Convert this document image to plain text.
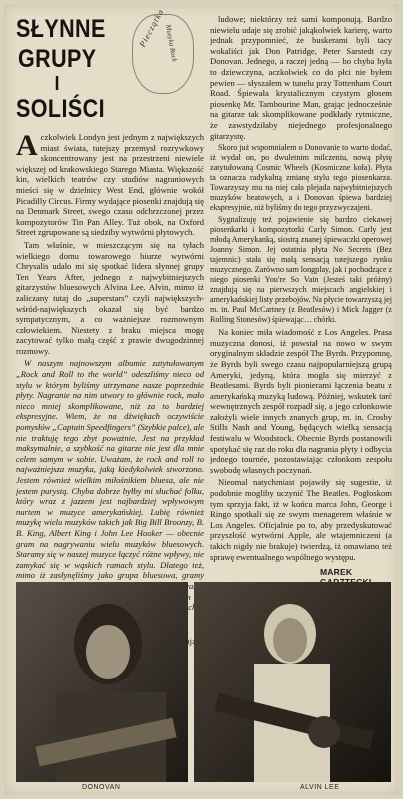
SŁYNNE
GRUPY

I
SOLIŚCI
Pieczątka
Muzyka Rock

Aczkolwiek Londyn jest jednym z największych miast świata, tutejszy przemysł rozrywkowy skoncentrowany jest na przestrzeni niewiele większej od krakowskiego Starego Miasta. Większość kin, wielkich teatrów czy studiów nagraniowych mieści się w dzielnicy West End, głównie wokół Picadilly Circus. Firmy wydające piosenki znajdują się na Denmark Street, swego czasu odchrzczonej przez kompozytorów Tin Pan Alley. Tuż obok, na Oxford Street zgrupowane są siedziby wytwórni płytowych.

Tam właśnie, w mieszczącym się na tyłach wielkiego domu towarowego biurze wytwórni Chrysalis udało mi się spotkać lidera słynnej grupy Ten Years After, jednego z najwybitniejszych gitarzystów bluesowych Alvina Lee. Alvin, mimo iż zaliczany tutaj do „superstars” czyli największych-wśród-największych okazał się być bardzo sympatycznym, a co ważniejsze rozmownym człowiekiem. Niestety z braku miejsca mogę zacytować tylko małą część z prawie dwugodzinnej rozmowy.

W naszym najnowszym albumie zatytułowanym „Rock and Roll to the world” odeszliśmy nieco od stylu w którym byliśmy utrzymane nasze poprzednie płyty. Nagranie na nim utwory to głównie rock, mało nieco mniej skomplikowane, niż za to bardziej ekspresyjne. Wiem, że na dźwiękach oczywiście pomysłów „Captain Speedfingers” (Szybkie palce), ale nie traktuję tego zbyt poważnie. Jest na przykład maksymalnie, a szybkość na gitarze nie jest dla mnie celem samym w sobie. Uważam, że rock and roll to najważniejsza muzyka, jaką kiedykolwiek stworzono. Jestem również wielkim miłośnikiem bluesa, ale nie jestem purystą. Chyba dobrze byłby mi słuchać folku, który wraz z jazzem jest najbardziej wpływowym nurtem w muzyce amerykańskiej. Lubię również muzykę wielu muzyków takich jak Big Bill Broonzy, B. B. King, Albert King i John Lee Hooker — obecnie gram na nagrywaniu wielu muzyków bluesowych. Staramy się w naszej muzyce łączyć różne wpływy, nie zamykać się w wąskich ramach stylu. Dlatego też, mimo iż zasłynęliśmy jako grupa bluesowa, gramy zechce

ludowe; niektórzy też sami komponują. Bardzo niewielu udaje się zrobić jakąkolwiek karierę, warto jednak przypomnieć, że buskerami byli tacy wokaliści jak Don Patridge, Peter Sarstedt czy Donovan. Jednego, a raczej jedną — bo chyba była to dziewczyna, aczkolwiek co do płci nie byłem pewien — słyszałem w tunelu przy Tottenham Court Road. Śpiewała krystalicznym czystym głosem piosenkę Mr. Tambourine Man, grając jednocześnie na gitarze tak skomplikowane podkłady rytmiczne, że zawstydziłaby niejednego profesjonalnego gitarzystę.

Skoro już wspomniałem o Donovanie to warto dodać, iż wydał on, po dwuletnim milczeniu, nową płytę zatytułowaną Cosmic Wheels (Kosmiczne koła). Płyta ta oznacza radykalną zmianę stylu tego piosenkarza. Towarzyszy mu na niej cała plejada najwybitniejszych muzyków beatowych, a i Donovan śpiewa bardziej ekspresyjnie, niż byliśmy do tego przyzwyczajeni.

Sygnalizuję też pojawienie się bardzo ciekawej piosenkarki i kompozytorki Carly Simon. Carly jest młodą Amerykanką, siostrą znanej śpiewaczki operowej Joanny Simon. Jej ostatnia płyta No Secrets (Bez tajemnic) stała się małą sensacją tutejszego rynku muzycznego. Zarówno sam longplay, jak i pochodzące z niego piosenki You're So Vain (Jesteś taki próżny) znajdują się na pierwszych miejscach angielskiej i amerykańskiej listy przebojów. Na płycie towarzyszą jej m. in. Paul McCartney (z Beatlesów) i Mick Jagger (z Rolling Stonesów) śpiewając… chórki.

Na koniec miła wiadomość z Los Angeles. Prasa muzyczna donosi, iż powstał na nowo w swym oryginalnym składzie zespół The Byrds. Przypomnę, że Byrds byli swego czasu najpopularniejszą grupą Ameryki, jedyną, która mogła się mierzyć z Beatlesami. Byrds byli pionierami łączenia beatu z amerykańską muzyką ludową. Później, wskutek tarć wewnętrznych zespół rozpadł się, a jego członkowie założyli wiele innych znanych grup, m. in. Crosby Stills Nash and Young, będących wielką sensacją festiwalu w Woodstock. Obecnie Byrds postanowili spotykać się raz do roku dla nagrania płyty i odbycia jednego tournée, pozostawiając członkom zespołu swobodę własnych poczynań.

Nieomal natychmiast pojawiły się sugestie, iż podobnie mogliby uczynić The Beatles. Pogłoskom tym sprzyja fakt, iż w końcu marca John, George i Ringo spotkali się ze swym menagerem właśnie w Los Angeles. Oficjalnie po to, aby przedyskutować przyszłość wytwórni Apple, ale wtajemniczeni (a takich nigdy nie brakuje) twierdzą, iż omawiano też sprawę ewentualnego wspólnego występu.

MAREK
DONOVAN	ALVIN LEE
